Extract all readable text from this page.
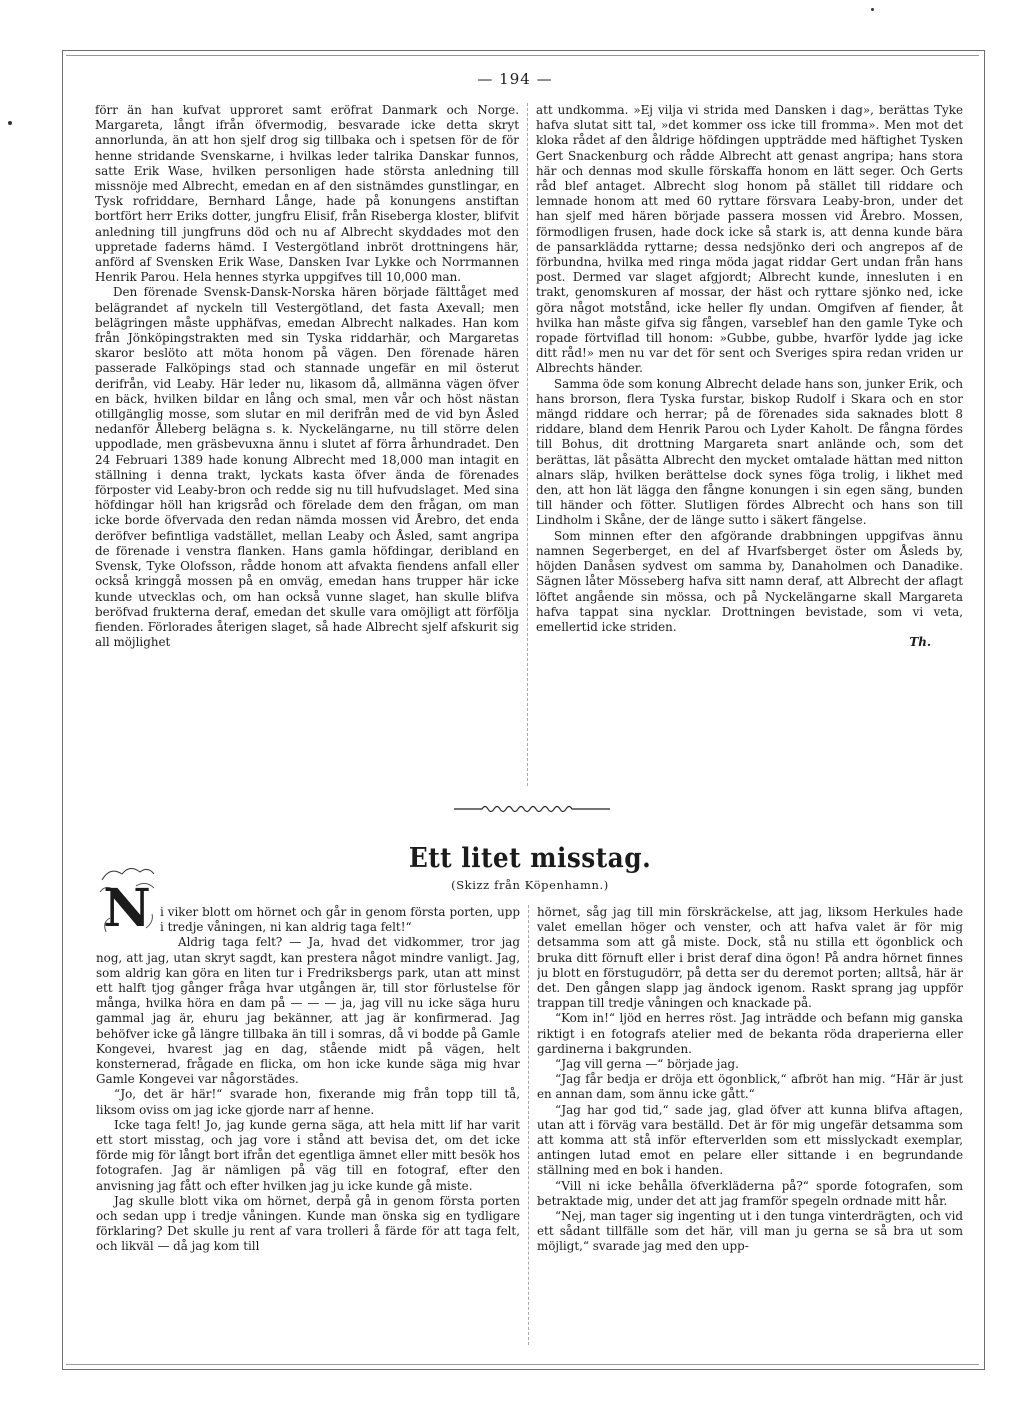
— 194 —

förr än han kufvat upproret samt eröfrat Danmark och Norge. Margareta, långt ifrån öfvermodig, besvarade icke detta skryt annorlunda, än att hon sjelf drog sig tillbaka och i spetsen för de för henne stridande Svenskarne, i hvilkas leder talrika Danskar funnos, satte Erik Wase, hvilken personligen hade största anledning till missnöje med Albrecht, emedan en af den sistnämdes gunstlingar, en Tysk rofriddare, Bernhard Långe, hade på konungens anstiftan bortfört herr Eriks dotter, jungfru Elisif, från Riseberga kloster, blifvit anledning till jungfruns död och nu af Albrecht skyddades mot den uppretade faderns hämd. I Vestergötland inbröt drottningens här, anförd af Svensken Erik Wase, Dansken Ivar Lykke och Norrmannen Henrik Parou. Hela hennes styrka uppgifves till 10,000 man.

Den förenade Svensk-Dansk-Norska hären började fälttåget med belägrandet af nyckeln till Vestergötland, det fasta Axevall; men belägringen måste upphäfvas, emedan Albrecht nalkades. Han kom från Jönköpingstrakten med sin Tyska riddarhär, och Margaretas skaror beslöto att möta honom på vägen. Den förenade hären passerade Falköpings stad och stannade ungefär en mil österut derifrån, vid Leaby. Här leder nu, likasom då, allmänna vägen öfver en bäck, hvilken bildar en lång och smal, men vår och höst nästan otillgänglig mosse, som slutar en mil derifrån med de vid byn Åsled nedanför Ålleberg belägna s. k. Nyckelängarne, nu till större delen uppodlade, men gräsbevuxna ännu i slutet af förra århundradet. Den 24 Februari 1389 hade konung Albrecht med 18,000 man intagit en ställning i denna trakt, lyckats kasta öfver ända de förenades förposter vid Leaby-bron och redde sig nu till hufvudslaget. Med sina höfdingar höll han krigsråd och förelade dem den frågan, om man icke borde öfvervada den redan nämda mossen vid Årebro, det enda deröfver befintliga vadstället, mellan Leaby och Åsled, samt angripa de förenade i venstra flanken. Hans gamla höfdingar, deribland en Svensk, Tyke Olofsson, rådde honom att afvakta fiendens anfall eller också kringgå mossen på en omväg, emedan hans trupper här icke kunde utvecklas och, om han också vunne slaget, han skulle blifva beröfvad frukterna deraf, emedan det skulle vara omöjligt att förfölja fienden. Förlorades återigen slaget, så hade Albrecht sjelf afskurit sig all möjlighet

att undkomma. »Ej vilja vi strida med Dansken i dag», berättas Tyke hafva slutat sitt tal, »det kommer oss icke till fromma». Men mot det kloka rådet af den åldrige höfdingen uppträdde med häftighet Tysken Gert Snackenburg och rådde Albrecht att genast angripa; hans stora här och dennas mod skulle förskaffa honom en lätt seger. Och Gerts råd blef antaget. Albrecht slog honom på stället till riddare och lemnade honom att med 60 ryttare försvara Leaby-bron, under det han sjelf med hären började passera mossen vid Årebro. Mossen, förmodligen frusen, hade dock icke så stark is, att denna kunde bära de pansarklädda ryttarne; dessa nedsjönko deri och angrepos af de förbundna, hvilka med ringa möda jagat riddar Gert undan från hans post. Dermed var slaget afgjordt; Albrecht kunde, innesluten i en trakt, genomskuren af mossar, der häst och ryttare sjönko ned, icke göra något motstånd, icke heller fly undan. Omgifven af fiender, åt hvilka han måste gifva sig fången, varseblef han den gamle Tyke och ropade förtviflad till honom: »Gubbe, gubbe, hvarför lydde jag icke ditt råd!» men nu var det för sent och Sveriges spira redan vriden ur Albrechts händer.

Samma öde som konung Albrecht delade hans son, junker Erik, och hans brorson, flera Tyska furstar, biskop Rudolf i Skara och en stor mängd riddare och herrar; på de förenades sida saknades blott 8 riddare, bland dem Henrik Parou och Lyder Kaholt. De fångna fördes till Bohus, dit drottning Margareta snart anlände och, som det berättas, lät påsätta Albrecht den mycket omtalade hättan med nitton alnars släp, hvilken berättelse dock synes föga trolig, i likhet med den, att hon lät lägga den fångne konungen i sin egen säng, bunden till händer och fötter. Slutligen fördes Albrecht och hans son till Lindholm i Skåne, der de länge sutto i säkert fängelse.

Som minnen efter den afgörande drabbningen uppgifvas ännu namnen Segerberget, en del af Hvarfsberget öster om Åsleds by, höjden Danåsen sydvest om samma by, Danaholmen och Danadike. Sägnen låter Mösseberg hafva sitt namn deraf, att Albrecht der aflagt löftet angående sin mössa, och på Nyckelängarne skall Margareta hafva tappat sina nycklar. Drottningen bevistade, som vi veta, emellertid icke striden.

Th.

Ett litet misstag.
(Skizz från Köpenhamn.)
N i viker blott om hörnet och går in genom första porten, upp i tredje våningen, ni kan aldrig taga felt!“

Aldrig taga felt? — Ja, hvad det vidkommer, tror jag nog, att jag, utan skryt sagdt, kan prestera något mindre vanligt. Jag, som aldrig kan göra en liten tur i Fredriksbergs park, utan att minst ett halft tjog gånger fråga hvar utgången är, till stor förlustelse för många, hvilka höra en dam på — — — ja, jag vill nu icke säga huru gammal jag är, ehuru jag bekänner, att jag är konfirmerad. Jag behöfver icke gå längre tillbaka än till i somras, då vi bodde på Gamle Kongevei, hvarest jag en dag, stående midt på vägen, helt konsternerad, frågade en flicka, om hon icke kunde säga mig hvar Gamle Kongevei var någorstädes.

“Jo, det är här!“ svarade hon, fixerande mig från topp till tå, liksom oviss om jag icke gjorde narr af henne.

Icke taga felt! Jo, jag kunde gerna säga, att hela mitt lif har varit ett stort misstag, och jag vore i stånd att bevisa det, om det icke förde mig för långt bort ifrån det egentliga ämnet eller mitt besök hos fotografen. Jag är nämligen på väg till en fotograf, efter den anvisning jag fått och efter hvilken jag ju icke kunde gå miste.

Jag skulle blott vika om hörnet, derpå gå in genom första porten och sedan upp i tredje våningen. Kunde man önska sig en tydligare förklaring? Det skulle ju rent af vara trolleri å färde för att taga felt, och likväl — då jag kom till

hörnet, såg jag till min förskräckelse, att jag, liksom Herkules hade valet emellan höger och venster, och att hafva valet är för mig detsamma som att gå miste. Dock, stå nu stilla ett ögonblick och bruka ditt förnuft eller i brist deraf dina ögon! På andra hörnet finnes ju blott en förstugudörr, på detta ser du deremot porten; alltså, här är det. Den gången slapp jag ändock igenom. Raskt sprang jag uppför trappan till tredje våningen och knackade på.

“Kom in!“ ljöd en herres röst. Jag inträdde och befann mig ganska riktigt i en fotografs atelier med de bekanta röda draperierna eller gardinerna i bakgrunden.

“Jag vill gerna —“ började jag.

“Jag får bedja er dröja ett ögonblick,“ afbröt han mig. “Här är just en annan dam, som ännu icke gått.“

“Jag har god tid,“ sade jag, glad öfver att kunna blifva aftagen, utan att i förväg vara beställd. Det är för mig ungefär detsamma som att komma att stå inför efterverlden som ett misslyckadt exemplar, antingen lutad emot en pelare eller sittande i en begrundande ställning med en bok i handen.

“Vill ni icke behålla öfverkläderna på?“ sporde fotografen, som betraktade mig, under det att jag framför spegeln ordnade mitt hår.

“Nej, man tager sig ingenting ut i den tunga vinterdrägten, och vid ett sådant tillfälle som det här, vill man ju gerna se så bra ut som möjligt,“ svarade jag med den upp-
